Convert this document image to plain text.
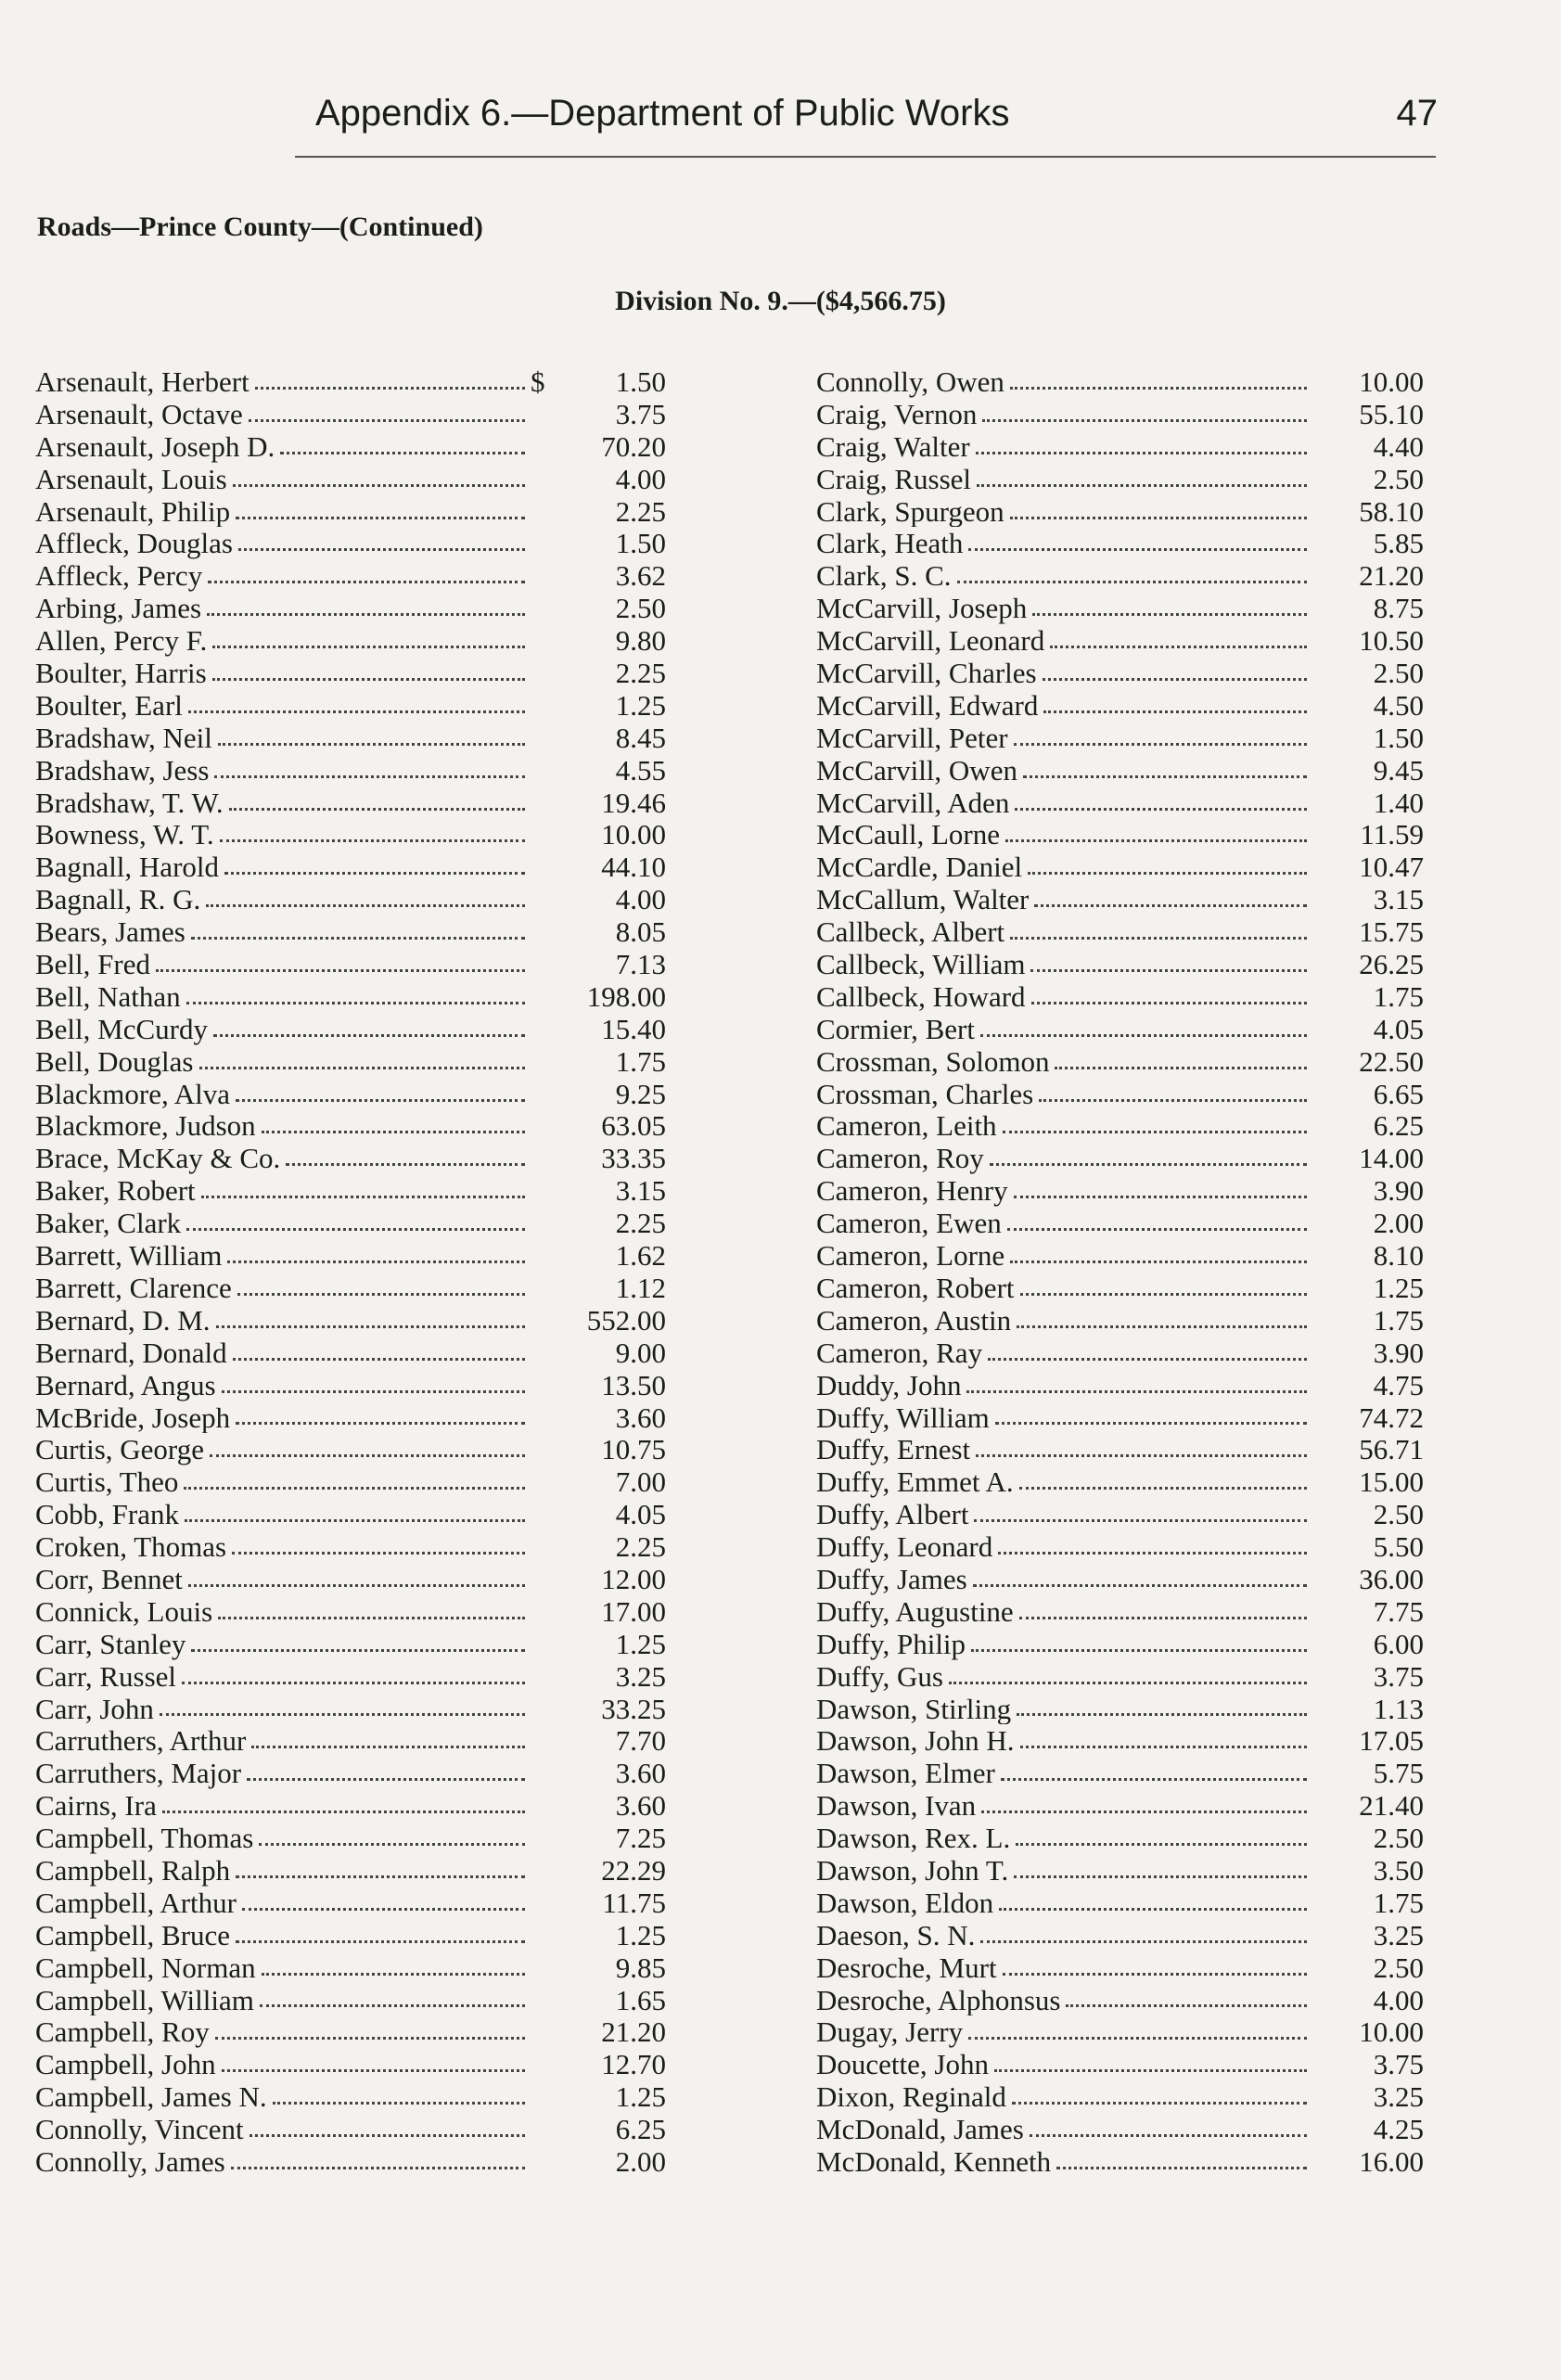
Appendix 6.—Department of Public Works	47
Roads—Prince County—(Continued)
Division No. 9.—($4,566.75)
Arsenault, Herbert	$	1.50
Arsenault, Octave	3.75
Arsenault, Joseph D.	70.20
Arsenault, Louis	4.00
Arsenault, Philip	2.25
Affleck, Douglas	1.50
Affleck, Percy	3.62
Arbing, James	2.50
Allen, Percy F.	9.80
Boulter, Harris	2.25
Boulter, Earl	1.25
Bradshaw, Neil	8.45
Bradshaw, Jess	4.55
Bradshaw, T. W.	19.46
Bowness, W. T.	10.00
Bagnall, Harold	44.10
Bagnall, R. G.	4.00
Bears, James	8.05
Bell, Fred	7.13
Bell, Nathan	198.00
Bell, McCurdy	15.40
Bell, Douglas	1.75
Blackmore, Alva	9.25
Blackmore, Judson	63.05
Brace, McKay & Co.	33.35
Baker, Robert	3.15
Baker, Clark	2.25
Barrett, William	1.62
Barrett, Clarence	1.12
Bernard, D. M.	552.00
Bernard, Donald	9.00
Bernard, Angus	13.50
McBride, Joseph	3.60
Curtis, George	10.75
Curtis, Theo	7.00
Cobb, Frank	4.05
Croken, Thomas	2.25
Corr, Bennet	12.00
Connick, Louis	17.00
Carr, Stanley	1.25
Carr, Russel	3.25
Carr, John	33.25
Carruthers, Arthur	7.70
Carruthers, Major	3.60
Cairns, Ira	3.60
Campbell, Thomas	7.25
Campbell, Ralph	22.29
Campbell, Arthur	11.75
Campbell, Bruce	1.25
Campbell, Norman	9.85
Campbell, William	1.65
Campbell, Roy	21.20
Campbell, John	12.70
Campbell, James N.	1.25
Connolly, Vincent	6.25
Connolly, James	2.00
Connolly, Owen	10.00
Craig, Vernon	55.10
Craig, Walter	4.40
Craig, Russel	2.50
Clark, Spurgeon	58.10
Clark, Heath	5.85
Clark, S. C.	21.20
McCarvill, Joseph	8.75
McCarvill, Leonard	10.50
McCarvill, Charles	2.50
McCarvill, Edward	4.50
McCarvill, Peter	1.50
McCarvill, Owen	9.45
McCarvill, Aden	1.40
McCaull, Lorne	11.59
McCardle, Daniel	10.47
McCallum, Walter	3.15
Callbeck, Albert	15.75
Callbeck, William	26.25
Callbeck, Howard	1.75
Cormier, Bert	4.05
Crossman, Solomon	22.50
Crossman, Charles	6.65
Cameron, Leith	6.25
Cameron, Roy	14.00
Cameron, Henry	3.90
Cameron, Ewen	2.00
Cameron, Lorne	8.10
Cameron, Robert	1.25
Cameron, Austin	1.75
Cameron, Ray	3.90
Duddy, John	4.75
Duffy, William	74.72
Duffy, Ernest	56.71
Duffy, Emmet A.	15.00
Duffy, Albert	2.50
Duffy, Leonard	5.50
Duffy, James	36.00
Duffy, Augustine	7.75
Duffy, Philip	6.00
Duffy, Gus	3.75
Dawson, Stirling	1.13
Dawson, John H.	17.05
Dawson, Elmer	5.75
Dawson, Ivan	21.40
Dawson, Rex. L.	2.50
Dawson, John T.	3.50
Dawson, Eldon	1.75
Daeson, S. N.	3.25
Desroche, Murt	2.50
Desroche, Alphonsus	4.00
Dugay, Jerry	10.00
Doucette, John	3.75
Dixon, Reginald	3.25
McDonald, James	4.25
McDonald, Kenneth	16.00
